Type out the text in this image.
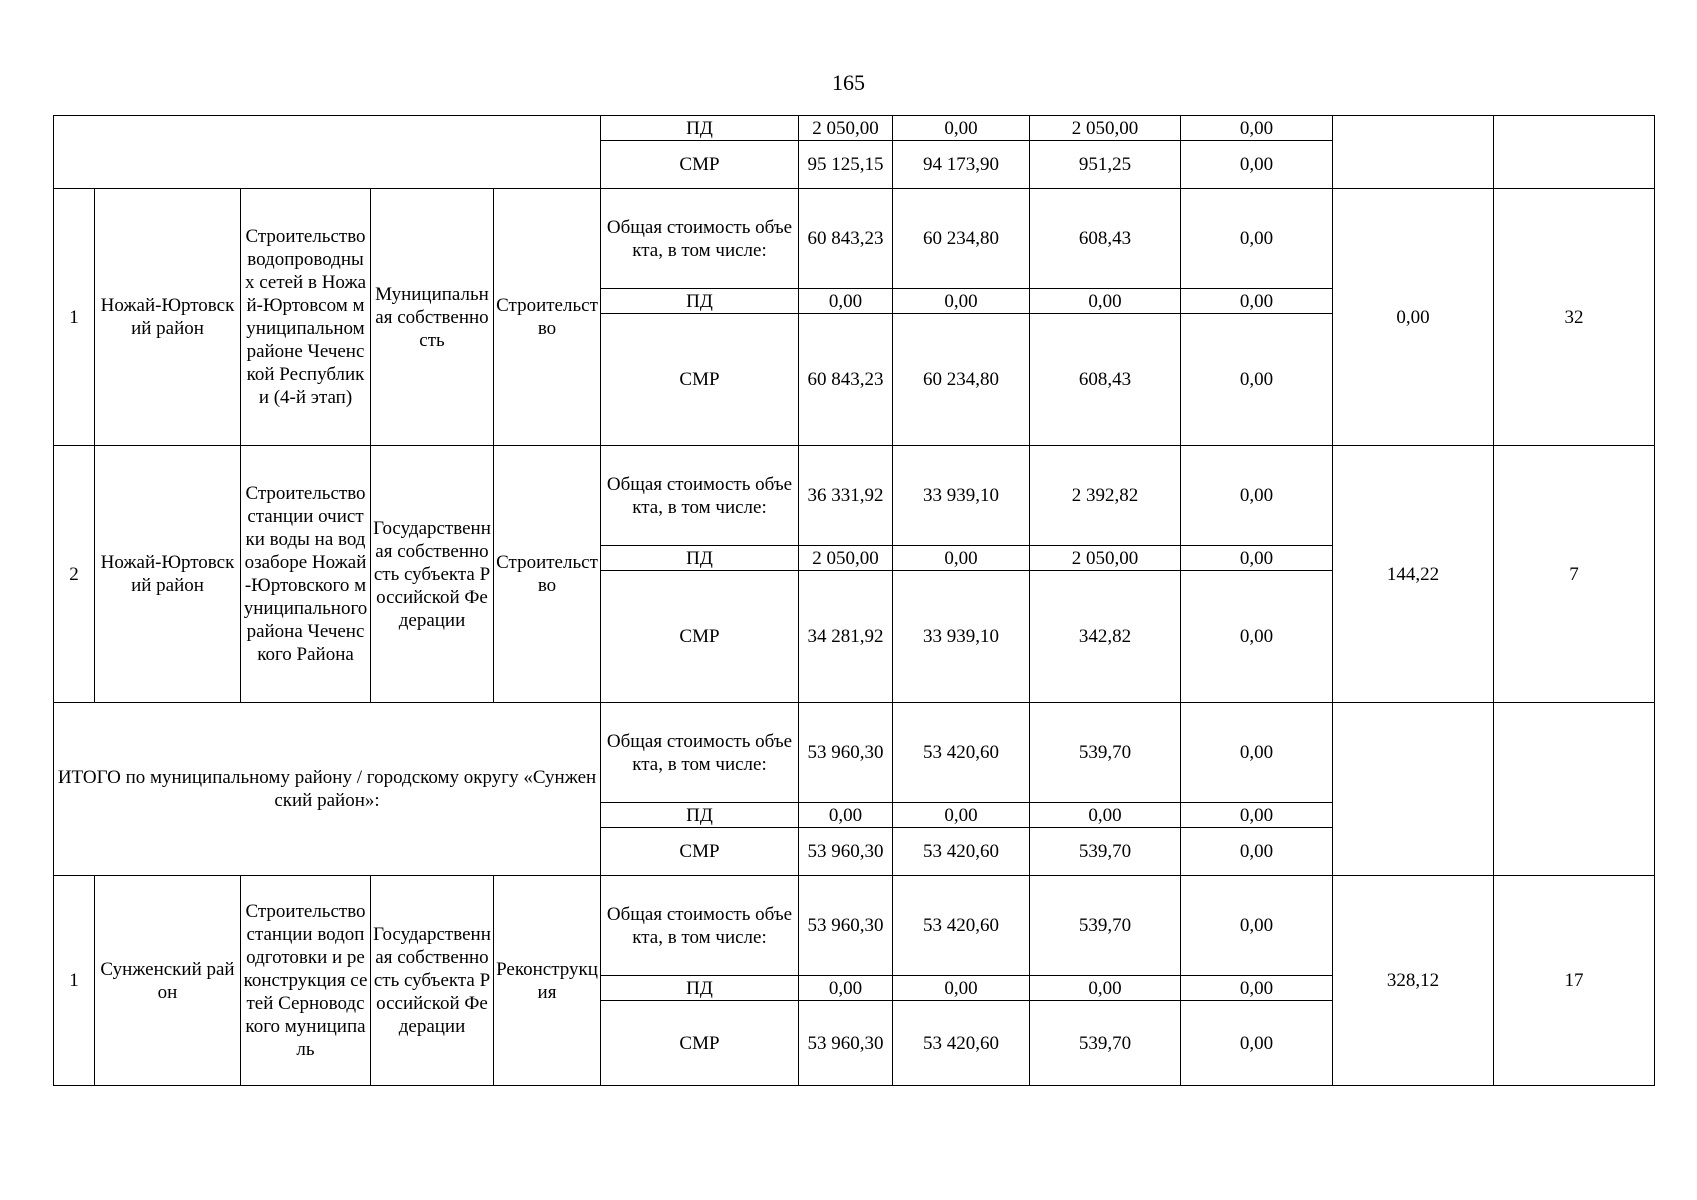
165
					ПД	2 050,00	0,00	2 050,00	0,00		
					СМР	95 125,15	94 173,90	951,25	0,00		
1	Ножай-Юртовский район	Строительство водопроводных сетей в Ножай-Юртовсом муниципальном районе Чеченской Республики (4-й этап)	Муниципальная собственность	Строительство	Общая стоимость объекта, в том числе:	60 843,23	60 234,80	608,43	0,00	0,00	32
					ПД	0,00	0,00	0,00	0,00		
					СМР	60 843,23	60 234,80	608,43	0,00		
2	Ножай-Юртовский район	Строительство станции очистки воды на водозаборе Ножай-Юртовского муниципального района Чеченского Района	Государственная собственность субъекта Российской Федерации	Строительство	Общая стоимость объекта, в том числе:	36 331,92	33 939,10	2 392,82	0,00	144,22	7
					ПД	2 050,00	0,00	2 050,00	0,00		
					СМР	34 281,92	33 939,10	342,82	0,00		
ИТОГО по муниципальному району / городскому округу «Сунженский район»:					Общая стоимость объекта, в том числе:	53 960,30	53 420,60	539,70	0,00		
					ПД	0,00	0,00	0,00	0,00		
					СМР	53 960,30	53 420,60	539,70	0,00		
1	Сунженский район	Строительство станции водоподготовки и реконструкция сетей Серноводского муниципаль	Государственная собственность субъекта Российской Федерации	Реконструкция	Общая стоимость объекта, в том числе:	53 960,30	53 420,60	539,70	0,00	328,12	17
					ПД	0,00	0,00	0,00	0,00		
					СМР	53 960,30	53 420,60	539,70	0,00		
